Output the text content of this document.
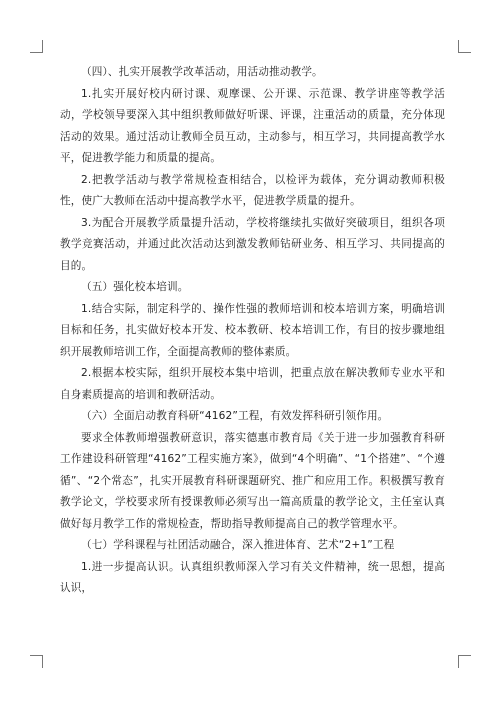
（四）、扎实开展教学改革活动，用活动推动教学。

1.扎实开展好校内研讨课、观摩课、公开课、示范课、教学讲座等教学活动，学校领导要深入其中组织教师做好听课、评课，注重活动的质量，充分体现活动的效果。通过活动让教师全员互动，主动参与，相互学习，共同提高教学水平，促进教学能力和质量的提高。

2.把教学活动与教学常规检查相结合，以检评为载体，充分调动教师积极性，使广大教师在活动中提高教学水平，促进教学质量的提升。

3.为配合开展教学质量提升活动，学校将继续扎实做好突破项目，组织各项教学竞赛活动，并通过此次活动达到激发教师钻研业务、相互学习、共同提高的目的。

（五）强化校本培训。

1.结合实际，制定科学的、操作性强的教师培训和校本培训方案，明确培训目标和任务，扎实做好校本开发、校本教研、校本培训工作，有目的按步骤地组织开展教师培训工作，全面提高教师的整体素质。

2.根据本校实际，组织开展校本集中培训，把重点放在解决教师专业水平和自身素质提高的培训和教研活动。

（六）全面启动教育科研“4162”工程，有效发挥科研引领作用。

要求全体教师增强教研意识，落实德惠市教育局《关于进一步加强教育科研工作建设科研管理“4162”工程实施方案》，做到“4个明确”、“1个搭建”、“个遵循”、“2个常态”，扎实开展教育科研课题研究、推广和应用工作。积极撰写教育教学论文，学校要求所有授课教师必须写出一篇高质量的教学论文，主任室认真做好每月教学工作的常规检查，帮助指导教师提高自己的教学管理水平。

（七）学科课程与社团活动融合，深入推进体育、艺术“2+1”工程

1.进一步提高认识。认真组织教师深入学习有关文件精神，统一思想，提高认识，
